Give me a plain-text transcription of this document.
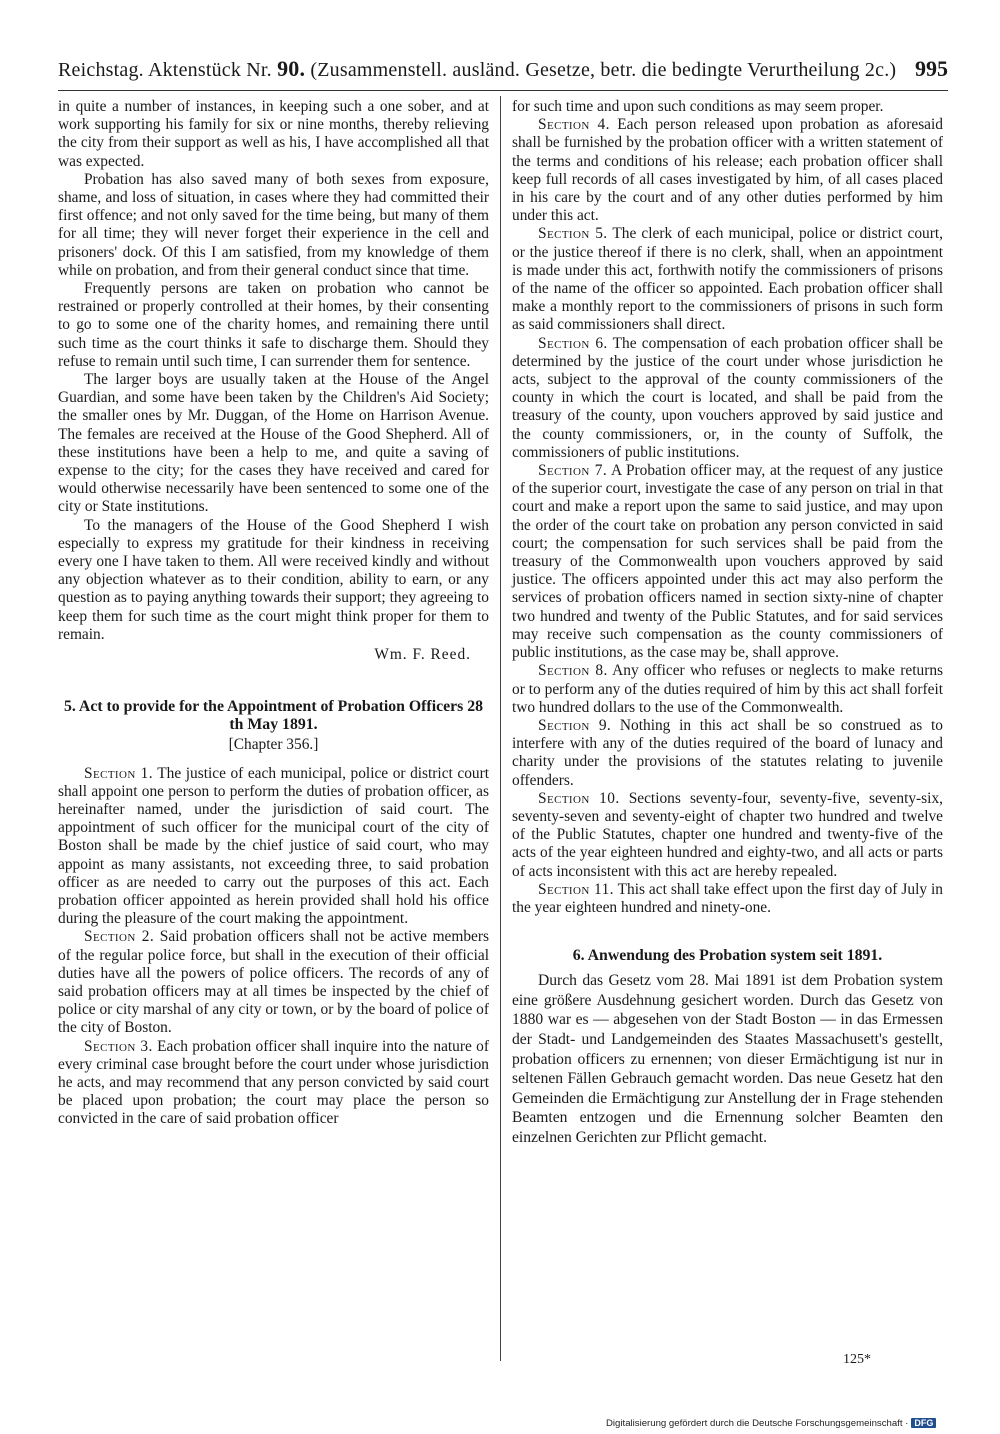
Reichstag. Aktenstück Nr. 90. (Zusammenstell. ausländ. Gesetze, betr. die bedingte Verurtheilung 2c.) 995

in quite a number of instances, in keeping such a one sober, and at work supporting his family for six or nine months, thereby relieving the city from their support as well as his, I have accomplished all that was expected.

Probation has also saved many of both sexes from exposure, shame, and loss of situation, in cases where they had committed their first offence; and not only saved for the time being, but many of them for all time; they will never forget their experience in the cell and prisoners' dock. Of this I am satisfied, from my knowledge of them while on probation, and from their general conduct since that time.

Frequently persons are taken on probation who cannot be restrained or properly controlled at their homes, by their consenting to go to some one of the charity homes, and remaining there until such time as the court thinks it safe to discharge them. Should they refuse to remain until such time, I can surrender them for sentence.

The larger boys are usually taken at the House of the Angel Guardian, and some have been taken by the Children's Aid Society; the smaller ones by Mr. Duggan, of the Home on Harrison Avenue. The females are received at the House of the Good Shepherd. All of these institutions have been a help to me, and quite a saving of expense to the city; for the cases they have received and cared for would otherwise necessarily have been sentenced to some one of the city or State institutions.

To the managers of the House of the Good Shepherd I wish especially to express my gratitude for their kindness in receiving every one I have taken to them. All were received kindly and without any objection whatever as to their condition, ability to earn, or any question as to paying anything towards their support; they agreeing to keep them for such time as the court might think proper for them to remain.

Wm. F. Reed.
5. Act to provide for the Appointment of Probation Officers 28 th May 1891.
[Chapter 356.]

Section 1. The justice of each municipal, police or district court shall appoint one person to perform the duties of probation officer, as hereinafter named, under the jurisdiction of said court. The appointment of such officer for the municipal court of the city of Boston shall be made by the chief justice of said court, who may appoint as many assistants, not exceeding three, to said probation officer as are needed to carry out the purposes of this act. Each probation officer appointed as herein provided shall hold his office during the pleasure of the court making the appointment.

Section 2. Said probation officers shall not be active members of the regular police force, but shall in the execution of their official duties have all the powers of police officers. The records of any of said probation officers may at all times be inspected by the chief of police or city marshal of any city or town, or by the board of police of the city of Boston.

Section 3. Each probation officer shall inquire into the nature of every criminal case brought before the court under whose jurisdiction he acts, and may recommend that any person convicted by said court be placed upon probation; the court may place the person so convicted in the care of said probation officer

for such time and upon such conditions as may seem proper.

Section 4. Each person released upon probation as aforesaid shall be furnished by the probation officer with a written statement of the terms and conditions of his release; each probation officer shall keep full records of all cases investigated by him, of all cases placed in his care by the court and of any other duties performed by him under this act.

Section 5. The clerk of each municipal, police or district court, or the justice thereof if there is no clerk, shall, when an appointment is made under this act, forthwith notify the commissioners of prisons of the name of the officer so appointed. Each probation officer shall make a monthly report to the commissioners of prisons in such form as said commissioners shall direct.

Section 6. The compensation of each probation officer shall be determined by the justice of the court under whose jurisdiction he acts, subject to the approval of the county commissioners of the county in which the court is located, and shall be paid from the treasury of the county, upon vouchers approved by said justice and the county commissioners, or, in the county of Suffolk, the commissioners of public institutions.

Section 7. A Probation officer may, at the request of any justice of the superior court, investigate the case of any person on trial in that court and make a report upon the same to said justice, and may upon the order of the court take on probation any person convicted in said court; the compensation for such services shall be paid from the treasury of the Commonwealth upon vouchers approved by said justice. The officers appointed under this act may also perform the services of probation officers named in section sixty-nine of chapter two hundred and twenty of the Public Statutes, and for said services may receive such compensation as the county commissioners of public institutions, as the case may be, shall approve.

Section 8. Any officer who refuses or neglects to make returns or to perform any of the duties required of him by this act shall forfeit two hundred dollars to the use of the Commonwealth.

Section 9. Nothing in this act shall be so construed as to interfere with any of the duties required of the board of lunacy and charity under the provisions of the statutes relating to juvenile offenders.

Section 10. Sections seventy-four, seventy-five, seventy-six, seventy-seven and seventy-eight of chapter two hundred and twelve of the Public Statutes, chapter one hundred and twenty-five of the acts of the year eighteen hundred and eighty-two, and all acts or parts of acts inconsistent with this act are hereby repealed.

Section 11. This act shall take effect upon the first day of July in the year eighteen hundred and ninety-one.

6. Anwendung des Probation system seit 1891.

Durch das Gesetz vom 28. Mai 1891 ist dem Probation system eine größere Ausdehnung gesichert worden. Durch das Gesetz von 1880 war es — abgesehen von der Stadt Boston — in das Ermessen der Stadt- und Landgemeinden des Staates Massachusett's gestellt, probation officers zu ernennen; von dieser Ermächtigung ist nur in seltenen Fällen Gebrauch gemacht worden. Das neue Gesetz hat den Gemeinden die Ermächtigung zur Anstellung der in Frage stehenden Beamten entzogen und die Ernennung solcher Beamten den einzelnen Gerichten zur Pflicht gemacht.

125*
Digitalisierung gefördert durch die Deutsche Forschungsgemeinschaft · DFG
